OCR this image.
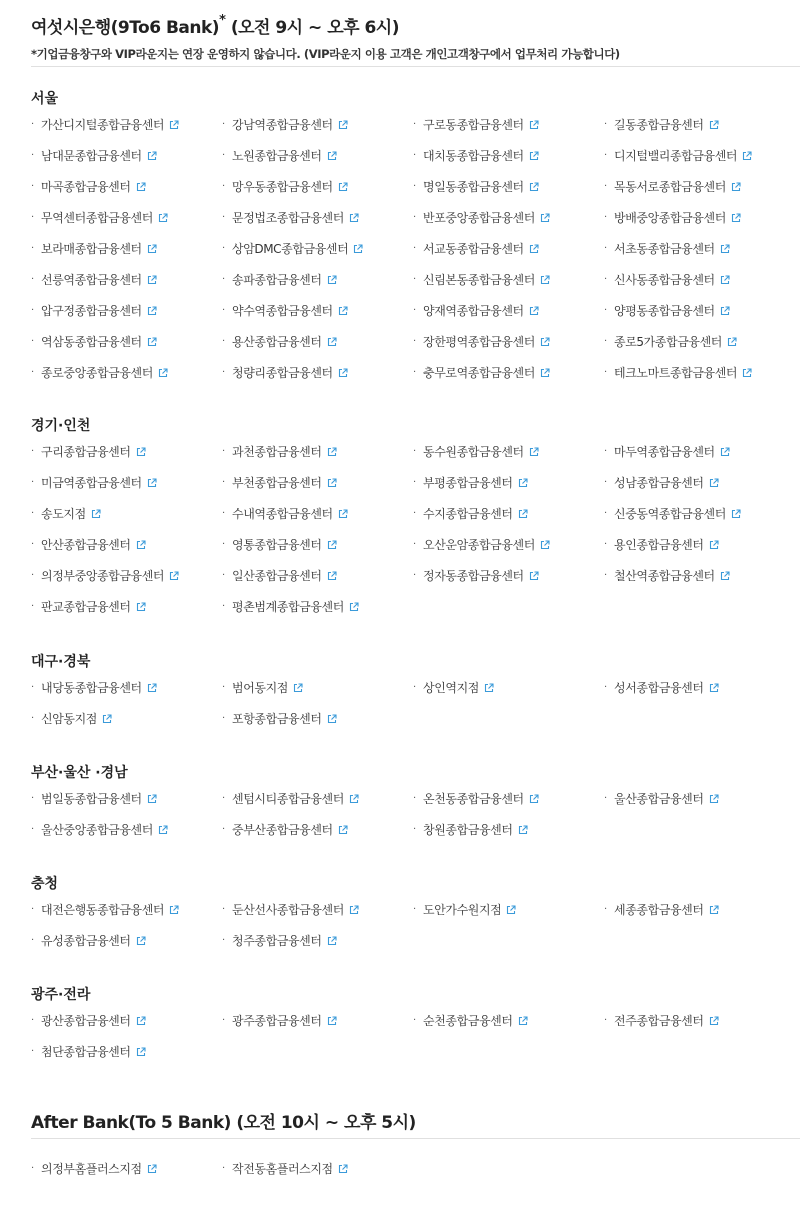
여섯시은행(9To6 Bank)* (오전 9시 ~ 오후 6시)
*기업금융창구와 VIP라운지는 연장 운영하지 않습니다. (VIP라운지 이용 고객은 개인고객창구에서 업무처리 가능합니다)
서울
· 가산디지털종합금융센터	· 강남역종합금융센터	· 구로동종합금융센터	· 길동종합금융센터
· 남대문종합금융센터	· 노원종합금융센터	· 대치동종합금융센터	· 디지털밸리종합금융센터
· 마곡종합금융센터	· 망우동종합금융센터	· 명일동종합금융센터	· 목동서로종합금융센터
· 무역센터종합금융센터	· 문정법조종합금융센터	· 반포중앙종합금융센터	· 방배중앙종합금융센터
· 보라매종합금융센터	· 상암DMC종합금융센터	· 서교동종합금융센터	· 서초동종합금융센터
· 선릉역종합금융센터	· 송파종합금융센터	· 신림본동종합금융센터	· 신사동종합금융센터
· 압구정종합금융센터	· 약수역종합금융센터	· 양재역종합금융센터	· 양평동종합금융센터
· 역삼동종합금융센터	· 용산종합금융센터	· 장한평역종합금융센터	· 종로5가종합금융센터
· 종로중앙종합금융센터	· 청량리종합금융센터	· 충무로역종합금융센터	· 테크노마트종합금융센터
경기·인천
· 구리종합금융센터	· 과천종합금융센터	· 동수원종합금융센터	· 마두역종합금융센터
· 미금역종합금융센터	· 부천종합금융센터	· 부평종합금융센터	· 성남종합금융센터
· 송도지점	· 수내역종합금융센터	· 수지종합금융센터	· 신중동역종합금융센터
· 안산종합금융센터	· 영통종합금융센터	· 오산운암종합금융센터	· 용인종합금융센터
· 의정부중앙종합금융센터	· 일산종합금융센터	· 정자동종합금융센터	· 철산역종합금융센터
· 판교종합금융센터	· 평촌범계종합금융센터
대구·경북
· 내당동종합금융센터	· 범어동지점	· 상인역지점	· 성서종합금융센터
· 신암동지점	· 포항종합금융센터
부산·울산 ·경남
· 범일동종합금융센터	· 센텀시티종합금융센터	· 온천동종합금융센터	· 울산종합금융센터
· 울산중앙종합금융센터	· 중부산종합금융센터	· 창원종합금융센터
충청
· 대전은행동종합금융센터	· 둔산선사종합금융센터	· 도안가수원지점	· 세종종합금융센터
· 유성종합금융센터	· 청주종합금융센터
광주·전라
· 광산종합금융센터	· 광주종합금융센터	· 순천종합금융센터	· 전주종합금융센터
· 첨단종합금융센터
After Bank(To 5 Bank) (오전 10시 ~ 오후 5시)
· 의정부홈플러스지점	· 작전동홈플러스지점
